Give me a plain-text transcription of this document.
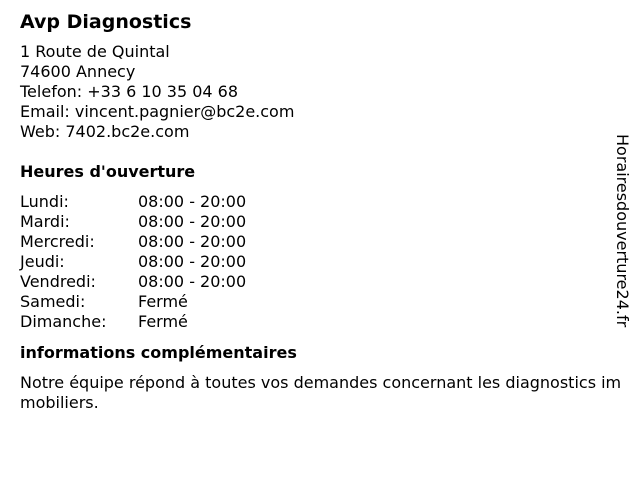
Avp Diagnostics
1 Route de Quintal
74600 Annecy
Telefon: +33 6 10 35 04 68
Email: vincent.pagnier@bc2e.com
Web: 7402.bc2e.com
Heures d'ouverture
Lundi:	08:00 - 20:00
Mardi:	08:00 - 20:00
Mercredi:	08:00 - 20:00
Jeudi:	08:00 - 20:00
Vendredi:	08:00 - 20:00
Samedi:	Fermé
Dimanche:	Fermé
informations complémentaires
Notre équipe répond à toutes vos demandes concernant les diagnostics immobiliers.
Horairesdouverture24.fr
